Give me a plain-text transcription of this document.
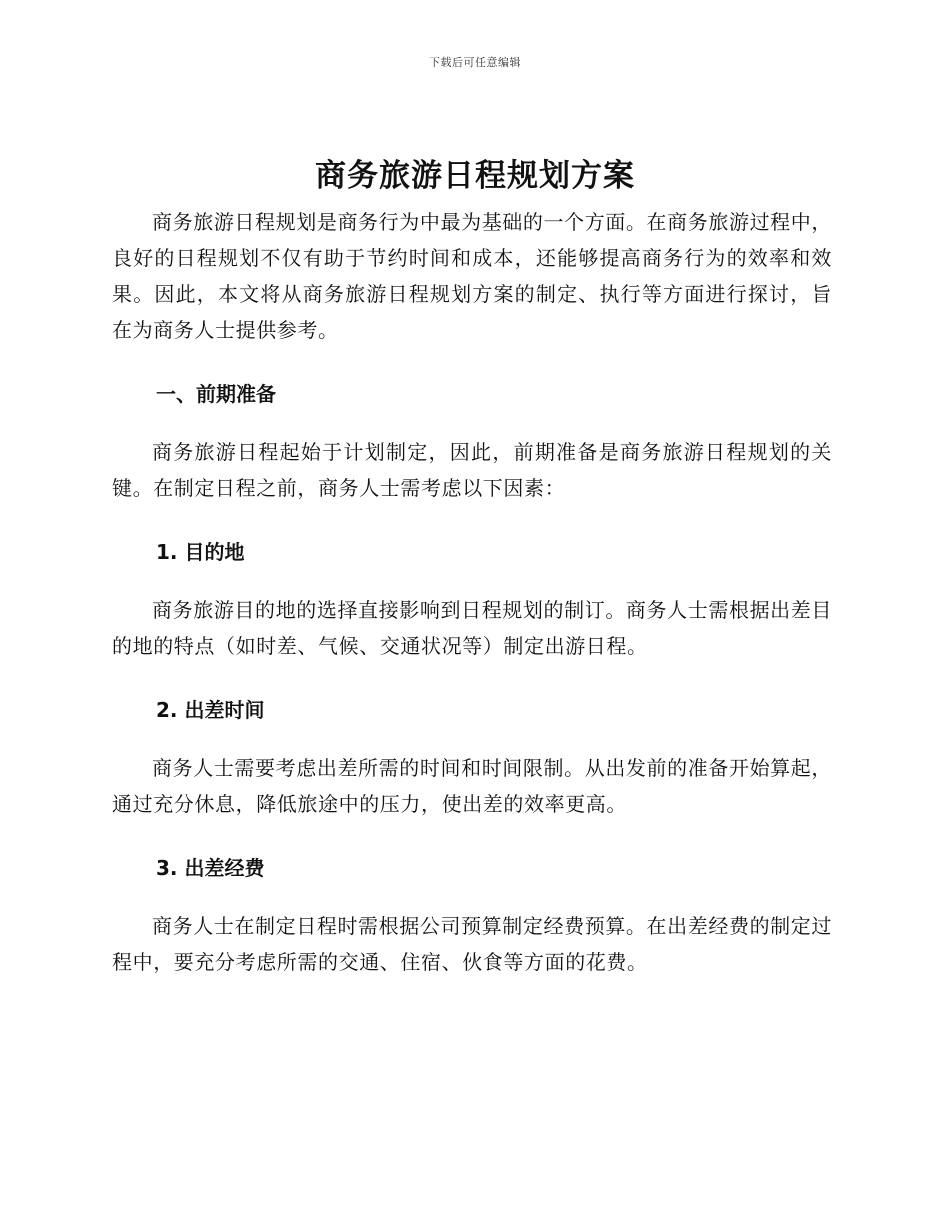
下载后可任意编辑
商务旅游日程规划方案

商务旅游日程规划是商务行为中最为基础的一个方面。在商务旅游过程中，良好的日程规划不仅有助于节约时间和成本，还能够提高商务行为的效率和效果。因此，本文将从商务旅游日程规划方案的制定、执行等方面进行探讨，旨在为商务人士提供参考。

一、前期准备

商务旅游日程起始于计划制定，因此，前期准备是商务旅游日程规划的关键。在制定日程之前，商务人士需考虑以下因素：

1. 目的地

商务旅游目的地的选择直接影响到日程规划的制订。商务人士需根据出差目的地的特点（如时差、气候、交通状况等）制定出游日程。

2. 出差时间

商务人士需要考虑出差所需的时间和时间限制。从出发前的准备开始算起，通过充分休息，降低旅途中的压力，使出差的效率更高。

3. 出差经费

商务人士在制定日程时需根据公司预算制定经费预算。在出差经费的制定过程中，要充分考虑所需的交通、住宿、伙食等方面的花费。
